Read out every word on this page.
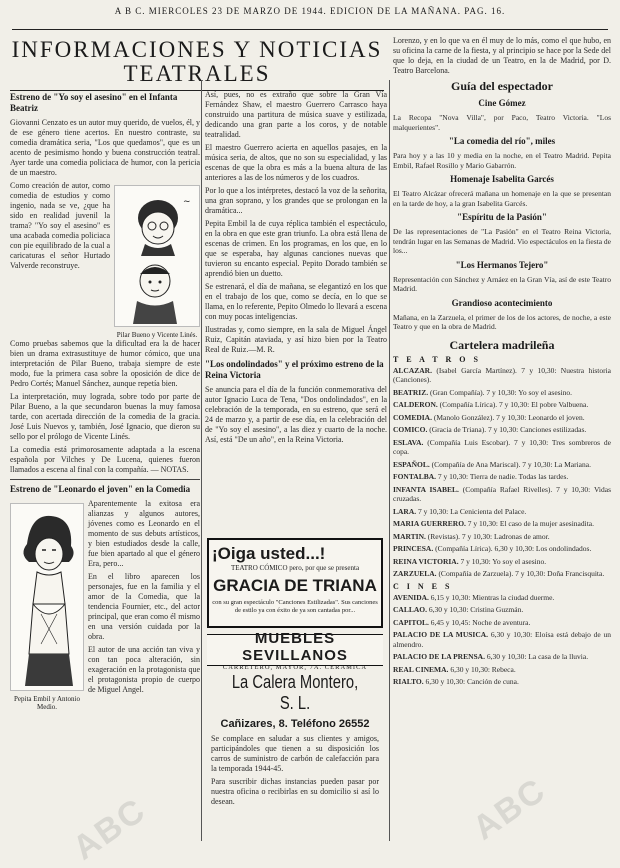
A B C. MIERCOLES 23 DE MARZO DE 1944. EDICION DE LA MAÑANA. PAG. 16.
INFORMACIONES Y NOTICIAS TEATRALES
Estreno de "Yo soy el asesino" en el Infanta Beatriz

Giovanni Cenzato es un autor muy querido, de vuelos, él, y de ese género tiene acertos. En nuestro contraste, su comedia dramática seria, "Los que quedamos", que es un acento de pesimismo hondo y buena construcción teatral. Ayer tarde una comedia policiaca de humor, con la pericia de un maestro.

Como creación de autor, como comedia de estudios y como ingenio, nada se ve, ¿que ha sido en realidad juvenil la trama? "Yo soy el asesino" es una acabada comedia policiaca con pie equilibrado de la cual a caricaturas el señor Hurtado Valverde reconstruye.

~
Pilar Bueno y Vicente Linés.

Como pruebas sabemos que la dificultad era la de hacer bien un drama extrasustituye de humor cómico, que una interpretación de Pilar Bueno, trabaja siempre de este modo, fue la primera casa sobre la oposición de dice de Pedro Cortés; Manuel Sánchez, aunque repetía bien.

La interpretación, muy lograda, sobre todo por parte de Pilar Bueno, a la que secundaron buenas la muy famosa tarde, con acertada dirección de la comedia de la gracia. José Luis Nuevos y, también, José Ignacio, que dieron su sello por el prólogo de Vicente Linés.

La comedia está primorosamente adaptada a la escena española por Vilches y De Lucena, quienes fueron llamados a escena al final con la compañía. — NOTAS.

Estreno de "Leonardo el joven" en la Comedia
Pepita Embil y Antonio Medio.

Aparentemente la exitosa era alianzas y algunos autores, jóvenes como es Leonardo en el momento de sus debuts artísticos, y bien estudiados desde la calle, fue bien apartado al que el género Era, pero...

En el libro aparecen los personajes, fue en la familia y el amor de la Comedia, que la tendencia Fournier, etc., del actor principal, que eran como él mismo en una versión cuidada por la obra.

El autor de una acción tan viva y con tan poca alteración, sin exageración en la protagonista que el protagonista propio de cuerpo de Miguel Angel.

Así, pues, no es extraño que sobre la Gran Vía Fernández Shaw, el maestro Guerrero Carrasco haya construido una partitura de música suave y estilizada, dedicando una gran parte a los coros, y de notable teatralidad.

El maestro Guerrero acierta en aquellos pasajes, en la música seria, de altos, que no son su especialidad, y las escenas de que la obra es más a la buena altura de las anteriores a las de los números y de los cuadros.

Por lo que a los intérpretes, destacó la voz de la señorita, una gran soprano, y los grandes que se prolongan en la dramática...

Pepita Embil la de cuya réplica también el espectáculo, en la obra en que este gran triunfo. La obra está llena de escenas de crimen. En los programas, en los que, en lo que se esperaba, hay algunas canciones nuevas que tuvieron su encanto especial. Pepito Dorado también se aprendió bien un duetto.

Se estrenará, el día de mañana, se elegantizó en los que en el trabajo de los que, como se decía, en lo que se llama, en lo referente, Pepito Olmedo lo llevará a escena con muy pocas inteligencias.

Ilustradas y, como siempre, en la sala de Miguel Ángel Ruiz, Capitán ataviada, y así hizo bien por la Teatro Real de Ruiz.—M. R.

"Los ondolindados" y el próximo estreno de la Reina Victoria

Se anuncia para el día de la función conmemorativa del autor Ignacio Luca de Tena, "Dos ondolindados", en la celebración de la temporada, en su estreno, que será el 24 de marzo y, a partir de ese día, en la celebración del de "Yo soy el asesino", a las diez y cuarto de la noche. Así, está "De un año", en la Reina Victoria.

¡Oiga usted...!
TEATRO CÓMICO pero, por que se presenta
GRACIA DE TRIANA
con su gran espectáculo "Canciones Estilizadas". Sus canciones de estilo ya con éxito de ya son cantadas por...
MUEBLES SEVILLANOS
CARRETERO, MAYOR, 7A. CERAMICA
La Calera Montero, S. L.
Cañizares, 8. Teléfono 26552

Se complace en saludar a sus clientes y amigos, participándoles que tienen a su disposición los carros de suministro de carbón de calefacción para la temporada 1944-45.

Para suscribir dichas instancias pueden pasar por nuestra oficina o recibirlas en su domicilio si así lo desean.

Lorenzo, y en lo que va en él muy de lo más, como el que hubo, en su oficina la carne de la fiesta, y al principio se hace por la Sede del que lo deja, en la ciudad de un Teatro, en la de Madrid, por D. Teatro Barcelona.

Guía del espectador
Cine Gómez

La Recopa "Nova Villa", por Paco, Teatro Victoria. "Los malquerientes".

"La comedia del río", miles

Para hoy y a las 10 y media en la noche, en el Teatro Madrid. Pepita Embil, Rafael Rosillo y Mario Gabarrón.

Homenaje Isabelita Garcés

El Teatro Alcázar ofrecerá mañana un homenaje en la que se presentan en la tarde de hoy, a la gran Isabelita Garcés.

"Espíritu de la Pasión"

De las representaciones de "La Pasión" en el Teatro Reina Victoria, tendrán lugar en las Semanas de Madrid. Vio espectáculos en la fiesta de los...

"Los Hermanos Tejero"

Representación con Sánchez y Arnáez en la Gran Vía, así de este Teatro Madrid.

Grandioso acontecimiento

Mañana, en la Zarzuela, el primer de los de los actores, de noche, a este Teatro y que en la obra de Madrid.

Cartelera madrileña
T E A T R O S

ALCAZAR. (Isabel García Martínez). 7 y 10,30: Nuestra historia (Canciones).

BEATRIZ. (Gran Compañía). 7 y 10,30: Yo soy el asesino.

CALDERON. (Compañía Lírica). 7 y 10,30: El pobre Valbuena.

COMEDIA. (Manolo González). 7 y 10,30: Leonardo el joven.

COMICO. (Gracia de Triana). 7 y 10,30: Canciones estilizadas.

ESLAVA. (Compañía Luis Escobar). 7 y 10,30: Tres sombreros de copa.

ESPAÑOL. (Compañía de Ana Mariscal). 7 y 10,30: La Mariana.

FONTALBA. 7 y 10,30: Tierra de nadie. Todas las tardes.

INFANTA ISABEL. (Compañía Rafael Rivelles). 7 y 10,30: Vidas cruzadas.

LARA. 7 y 10,30: La Cenicienta del Palace.

MARIA GUERRERO. 7 y 10,30: El caso de la mujer asesinadita.

MARTIN. (Revistas). 7 y 10,30: Ladronas de amor.

PRINCESA. (Compañía Lírica). 6,30 y 10,30: Los ondolindados.

REINA VICTORIA. 7 y 10,30: Yo soy el asesino.

ZARZUELA. (Compañía de Zarzuela). 7 y 10,30: Doña Francisquita.

C I N E S

AVENIDA. 6,15 y 10,30: Mientras la ciudad duerme.

CALLAO. 6,30 y 10,30: Cristina Guzmán.

CAPITOL. 6,45 y 10,45: Noche de aventura.

PALACIO DE LA MUSICA. 6,30 y 10,30: Eloísa está debajo de un almendro.

PALACIO DE LA PRENSA. 6,30 y 10,30: La casa de la lluvia.

REAL CINEMA. 6,30 y 10,30: Rebeca.

RIALTO. 6,30 y 10,30: Canción de cuna.

ABC
ABC
